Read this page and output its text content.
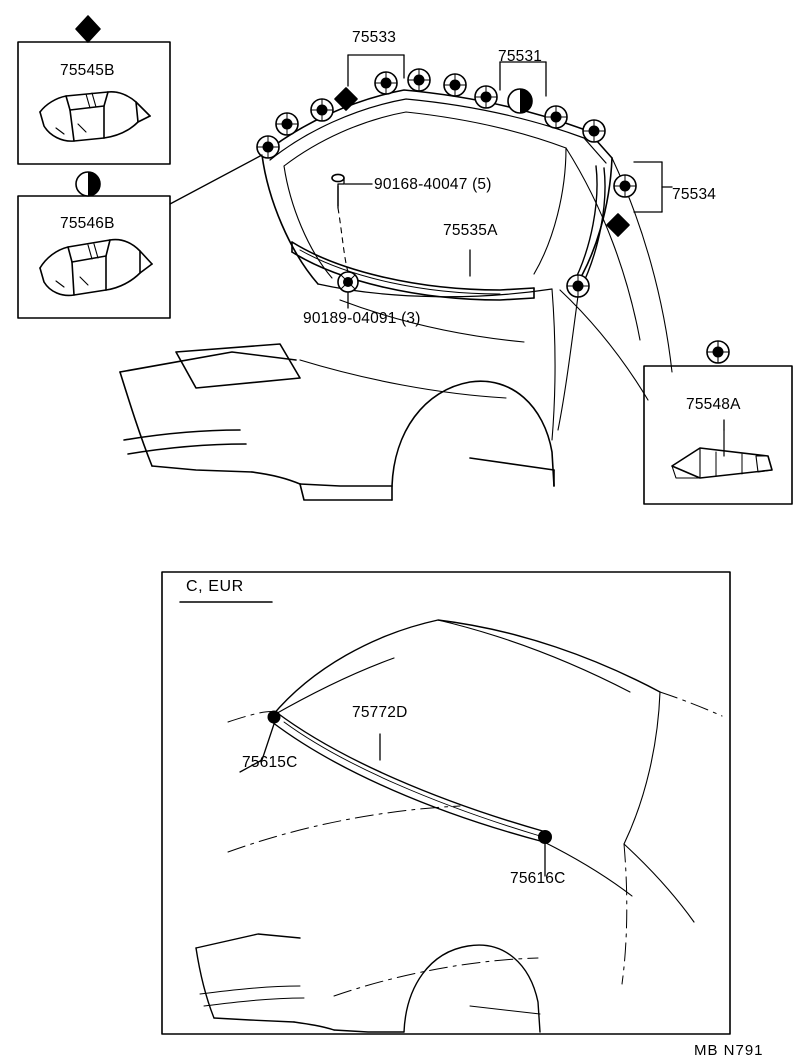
75545B
75546B
75533
75531
75534
90168-40047 (5)
75535A
90189-04091 (3)
75548A
C, EUR
75772D
75615C
75616C
MB N791
